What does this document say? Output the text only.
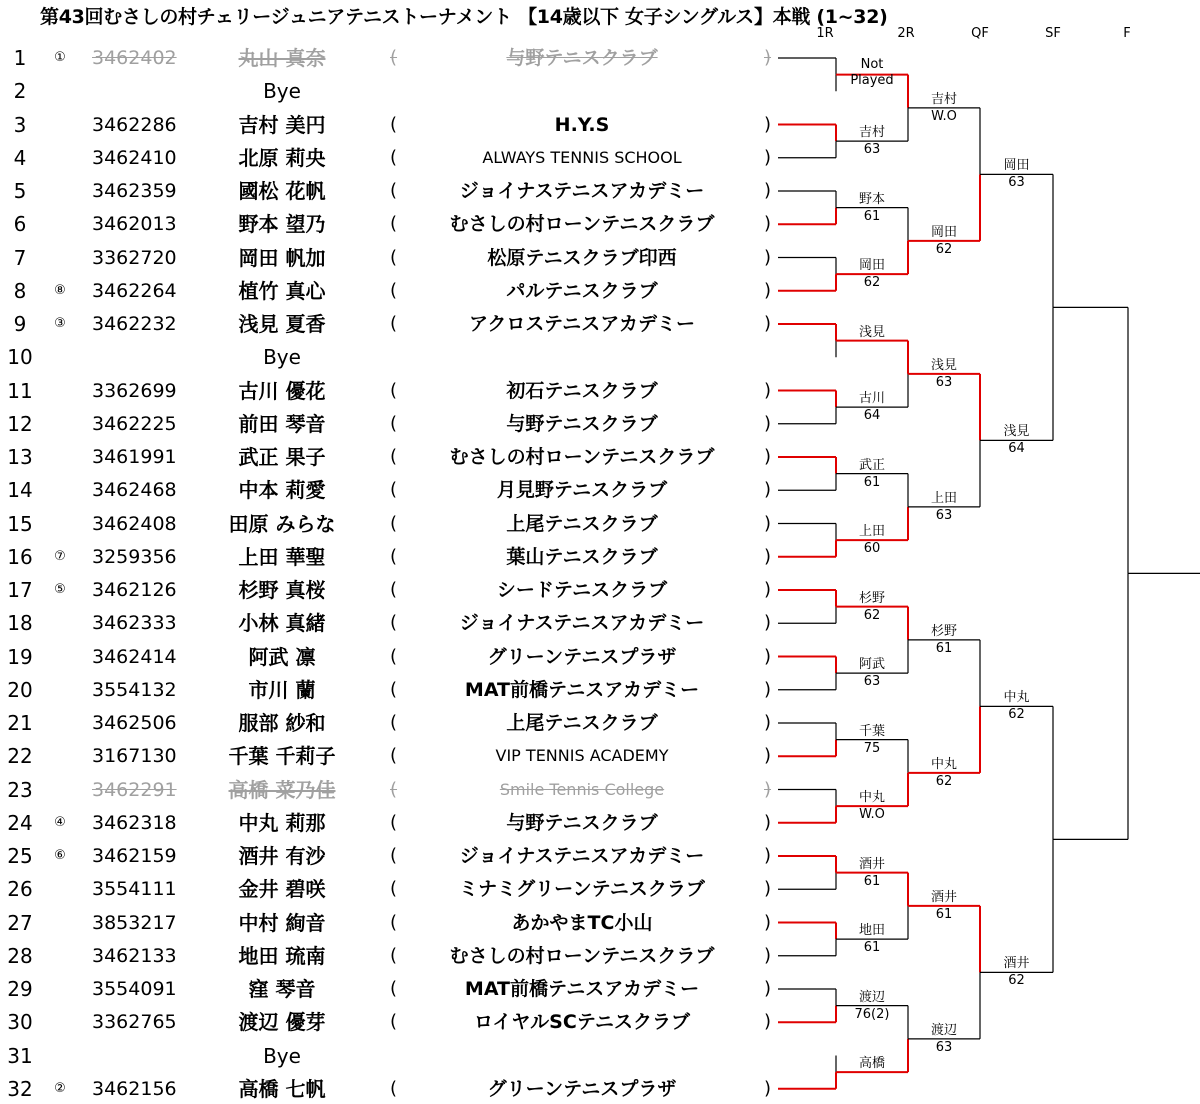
第43回むさしの村チェリージュニアテニストーナメント 【14歳以下 女子シングルス】本戦 (1~32)
1R	2R	QF	SF	F
1	①	3462402	丸山 真奈	(	与野テニスクラブ	)
2	Bye
3	3462286	吉村 美円	(	H.Y.S	)
4	3462410	北原 莉央	(	ALWAYS TENNIS SCHOOL	)
5	3462359	國松 花帆	(	ジョイナステニスアカデミー	)
6	3462013	野本 望乃	(	むさしの村ローンテニスクラブ	)
7	3362720	岡田 帆加	(	松原テニスクラブ印西	)
8	⑧	3462264	植竹 真心	(	パルテニスクラブ	)
9	③	3462232	浅見 夏香	(	アクロステニスアカデミー	)
10	Bye
11	3362699	古川 優花	(	初石テニスクラブ	)
12	3462225	前田 琴音	(	与野テニスクラブ	)
13	3461991	武正 果子	(	むさしの村ローンテニスクラブ	)
14	3462468	中本 莉愛	(	月見野テニスクラブ	)
15	3462408	田原 みらな	(	上尾テニスクラブ	)
16	⑦	3259356	上田 華聖	(	葉山テニスクラブ	)
17	⑤	3462126	杉野 真桜	(	シードテニスクラブ	)
18	3462333	小林 真緒	(	ジョイナステニスアカデミー	)
19	3462414	阿武 凛	(	グリーンテニスプラザ	)
20	3554132	市川 蘭	(	MAT前橋テニスアカデミー	)
21	3462506	服部 紗和	(	上尾テニスクラブ	)
22	3167130	千葉 千莉子	(	VIP TENNIS ACADEMY	)
23	3462291	高橋 菜乃佳	(	Smile Tennis College	)
24	④	3462318	中丸 莉那	(	与野テニスクラブ	)
25	⑥	3462159	酒井 有沙	(	ジョイナステニスアカデミー	)
26	3554111	金井 碧咲	(	ミナミグリーンテニスクラブ	)
27	3853217	中村 絢音	(	あかやまTC小山	)
28	3462133	地田 琉南	(	むさしの村ローンテニスクラブ	)
29	3554091	窪 琴音	(	MAT前橋テニスアカデミー	)
30	3362765	渡辺 優芽	(	ロイヤルSCテニスクラブ	)
31	Bye
32	②	3462156	高橋 七帆	(	グリーンテニスプラザ	)
Not Played
吉村
63
野本
61
岡田
62
浅見
古川
64
武正
61
上田
60
杉野
62
阿武
63
千葉
75
中丸
W.O
酒井
61
地田
61
渡辺
76(2)
高橋
吉村
W.O
岡田
62
浅見
63
上田
63
杉野
61
中丸
62
酒井
61
渡辺
63
岡田
63
浅見
64
中丸
62
酒井
62
